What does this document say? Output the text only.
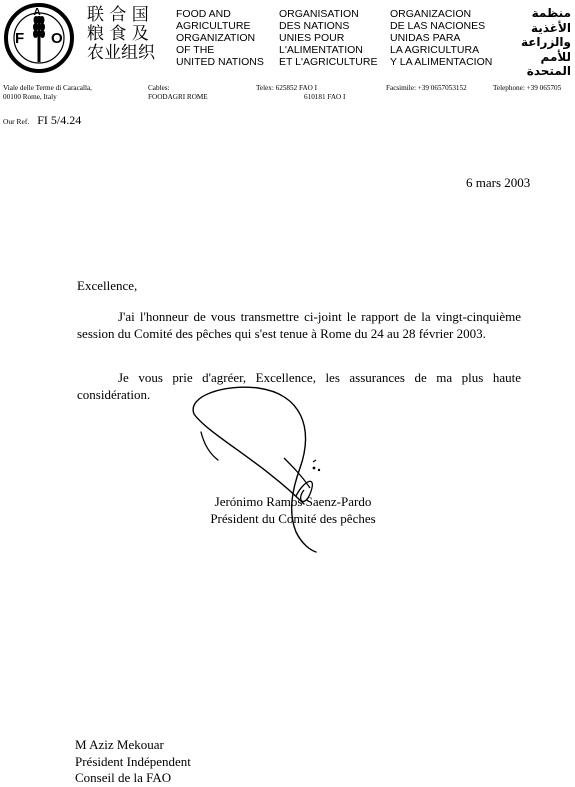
F O
A	联 合 国
粮 食 及
农业组织
FOOD AND
AGRICULTURE
ORGANIZATION
OF THE
UNITED NATIONS
ORGANISATION
DES NATIONS
UNIES POUR
L'ALIMENTATION
ET L'AGRICULTURE
ORGANIZACION
DE LAS NACIONES
UNIDAS PARA
LA AGRICULTURA
Y LA ALIMENTACION
منظمة
الأغذية
والزراعة
للأمم
المتحدة
Viale delle Terme di Caracalla,
00100 Rome, Italy
Cables:
FOODAGRI ROME
Telex: 625852 FAO I
610181 FAO I
Facsimile: +39 0657053152	Telephone: +39 065705
Our Ref. FI 5/4.24
6 mars 2003
Excellence,
J'ai l'honneur de vous transmettre ci-joint le rapport de la vingt-cinquième session du Comité des pêches qui s'est tenue à Rome du 24 au 28 février 2003.
Je vous prie d'agréer, Excellence, les assurances de ma plus haute considération.
Jerónimo Ramos Saenz-Pardo
Président du Comité des pêches
M Aziz Mekouar
Président Indépendent
Conseil de la FAO
